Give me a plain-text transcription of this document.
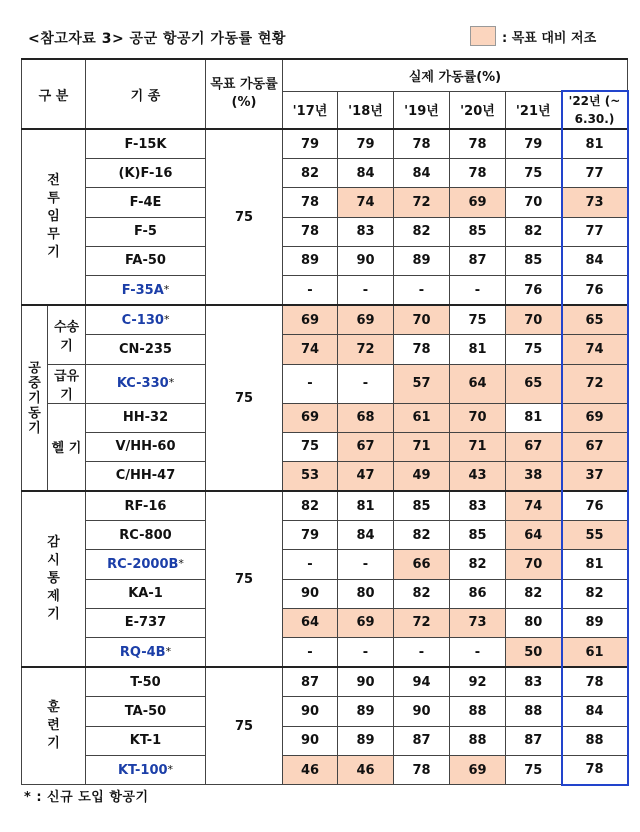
<참고자료 3> 공군 항공기 가동률 현황	: 목표 대비 저조
구 분		기 종	목표 가동률(%)	실제 가동률(%)					
				'17년	'18년	'19년	'20년	'21년	'22년 (~ 6.30.)
전 투 임무기		F-15K	75	79	79	78	78	79	81
		(K)F-16		82	84	84	78	75	77
		F-4E		78	74	72	69	70	73
		F-5		78	83	82	85	82	77
		FA-50		89	90	89	87	85	84
		F-35A*		-	-	-	-	76	76

공중기동기	수송기	C-130*	75	69	69	70	75	70	65
		CN-235		74	72	78	81	75	74
	급유기	KC-330*		-	-	57	64	65	72
	헬 기	HH-32		69	68	61	70	81	69
		V/HH-60		75	67	71	71	67	67
		C/HH-47		53	47	49	43	38	37
감 시 통제기		RF-16	75	82	81	85	83	74	76
		RC-800		79	84	82	85	64	55
		RC-2000B*		-	-	66	82	70	81
		KA-1		90	80	82	86	82	82
		E-737		64	69	72	73	80	89
		RQ-4B*		-	-	-	-	50	61
훈련기		T-50	75	87	90	94	92	83	78
		TA-50		90	89	90	88	88	84
		KT-1		90	89	87	88	87	88
		KT-100*		46	46	78	69	75	78
* : 신규 도입 항공기
